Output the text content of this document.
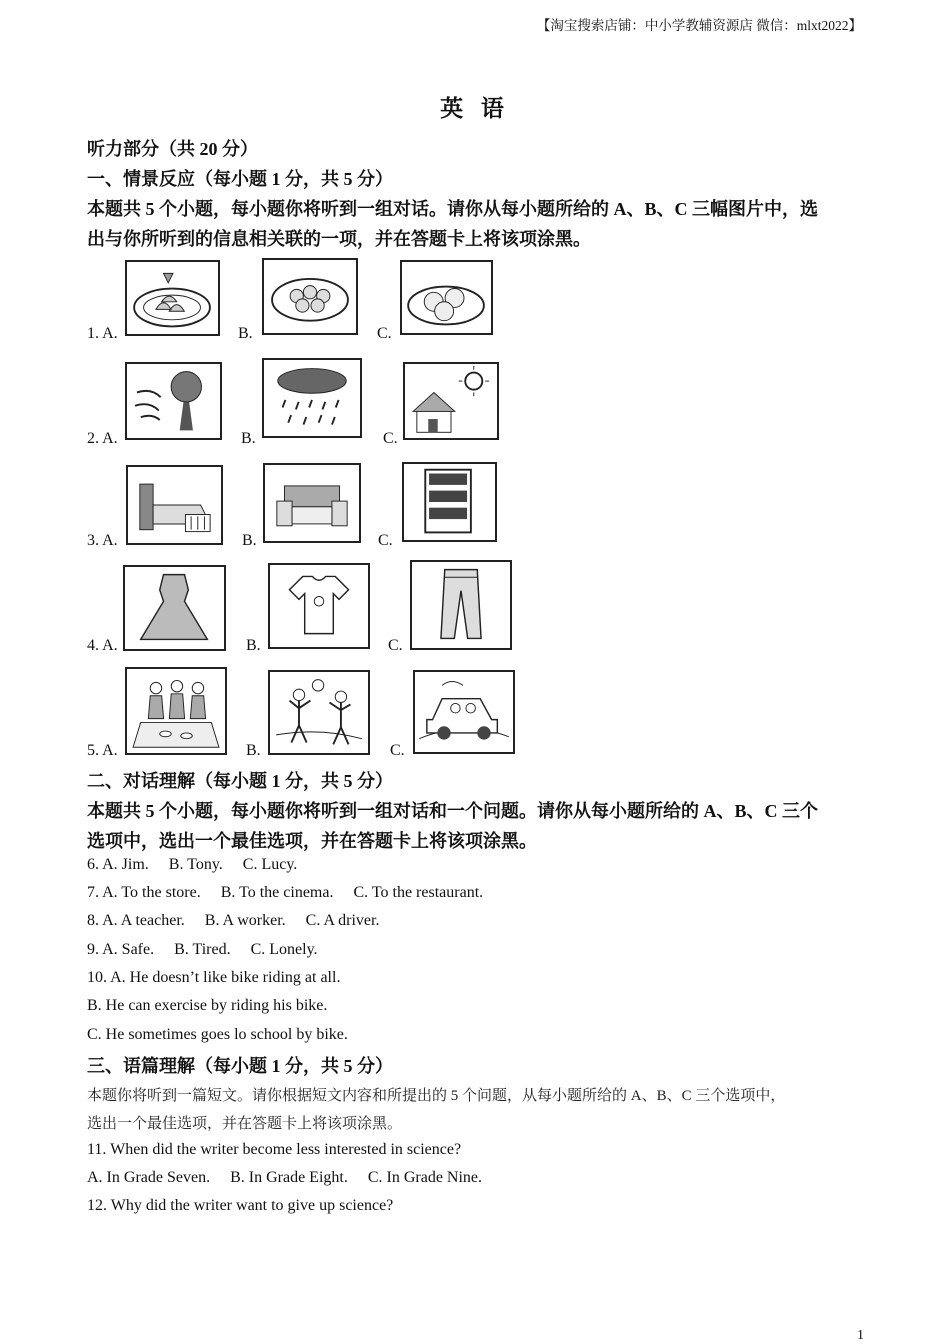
【淘宝搜索店铺：中小学教辅资源店 微信：mlxt2022】
英 语
听力部分（共 20 分）
一、情景反应（每小题 1 分，共 5 分）
本题共 5 个小题，每小题你将听到一组对话。请你从每小题所给的 A、B、C 三幅图片中，选
出与你所听到的信息相关联的一项，并在答题卡上将该项涂黑。
1. A.	B.	C.
2. A.	B.	C.
3. A.	B.	C.
4. A.	B.	C.
5. A.	B.	C.
二、对话理解（每小题 1 分，共 5 分）
本题共 5 个小题，每小题你将听到一组对话和一个问题。请你从每小题所给的 A、B、C 三个
选项中，选出一个最佳选项，并在答题卡上将该项涂黑。
6. A. Jim. B. Tony. C. Lucy.
7. A. To the store. B. To the cinema. C. To the restaurant.
8. A. A teacher. B. A worker. C. A driver.
9. A. Safe. B. Tired. C. Lonely.
10. A. He doesn’t like bike riding at all.
B. He can exercise by riding his bike.
C. He sometimes goes lo school by bike.
三、语篇理解（每小题 1 分，共 5 分）
本题你将听到一篇短文。请你根据短文内容和所提出的 5 个问题，从每小题所给的 A、B、C 三个选项中，
选出一个最佳选项，并在答题卡上将该项涂黑。
11. When did the writer become less interested in science?
A. In Grade Seven. B. In Grade Eight. C. In Grade Nine.
12. Why did the writer want to give up science?
1
